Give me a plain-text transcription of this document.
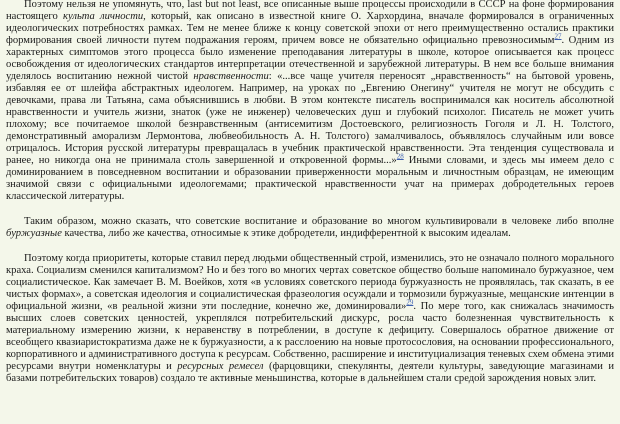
Поэтому нельзя не упомянуть, что, last but not least, все описанные выше процессы происходили в СССР на фоне формирования настоящего культа личности, который, как описано в известной книге О. Хархордина, вначале формировался в ограниченных идеологических потребностях рамках. Тем не менее ближе к концу советской эпохи от него преимущественно остались практики формирования своей личности путем подражания героям, причем вовсе не обязательно официально превозносимым$^{27}$. Одним из характерных симптомов этого процесса было изменение преподавания литературы в школе, которое описывается как процесс освобождения от идеологических стандартов интерпретации отечественной и зарубежной литературы. В нем все больше внимания уделялось воспитанию нежной чистой нравственности: «...все чаще учителя переносят „нравственность“ на бытовой уровень, избавляя ее от шлейфа абстрактных идеологем. Например, на уроках по „Евгению Онегину“ учителя не могут не обсудить с девочками, права ли Татьяна, сама объяснившись в любви. В этом контексте писатель воспринимался как носитель абсолютной нравственности и учитель жизни, знаток (уже не инженер) человеческих душ и глубокий психолог. Писатель не может учить плохому; все почитаемое школой безнравственным (антисемитизм Достоевского, религиозность Гоголя и Л. Н. Толстого, демонстративный аморализм Лермонтова, любвеобильность А. Н. Толстого) замалчивалось, объявлялось случайным или вовсе отрицалось. История русской литературы превращалась в учебник практической нравственности. Эта тенденция существовала и ранее, но никогда она не принимала столь завершенной и откровенной формы...»$^{28}$ Иными словами, и здесь мы имеем дело с доминированием в повседневном воспитании и образовании приверженности моральным и личностным образцам, не имеющим значимой связи с официальными идеологемами; практической нравственности учат на примерах добродетельных героев классической литературы.

Таким образом, можно сказать, что советские воспитание и образование во многом культивировали в человеке либо вполне буржуазные качества, либо же качества, относимые к этике добродетели, индифферентной к высоким идеалам.

Поэтому когда приоритеты, которые ставил перед людьми общественный строй, изменились, это не означало полного морального краха. Социализм сменился капитализмом? Но и без того во многих чертах советское общество больше напоминало буржуазное, чем социалистическое. Как замечает В. М. Воейков, хотя «в условиях советского периода буржуазность не проявлялась, так сказать, в ее чистых формах», а советская идеология и социалистическая фразеология осуждали и тормозили буржуазные, мещанские интенции в официальной жизни, «в реальной жизни эти последние, конечно же, доминировали»$^{29}$. По мере того, как снижалась значимость высших слоев советских ценностей, укреплялся потребительский дискурс, росла часто болезненная чувствительность к материальному измерению жизни, к неравенству в потреблении, в доступе к дефициту. Совершалось обратное движение от всеобщего квазиаристократизма даже не к буржуазности, а к расслоению на новые протосословия, на основании профессионального, корпоративного и административного доступа к ресурсам. Собственно, расширение и институциализация теневых схем обмена этими ресурсами внутри номенклатуры и ресурсных ремесел (фарцовщики, спекулянты, деятели культуры, заведующие магазинами и базами потребительских товаров) создало те активные меньшинства, которые в дальнейшем стали средой зарождения новых элит.
